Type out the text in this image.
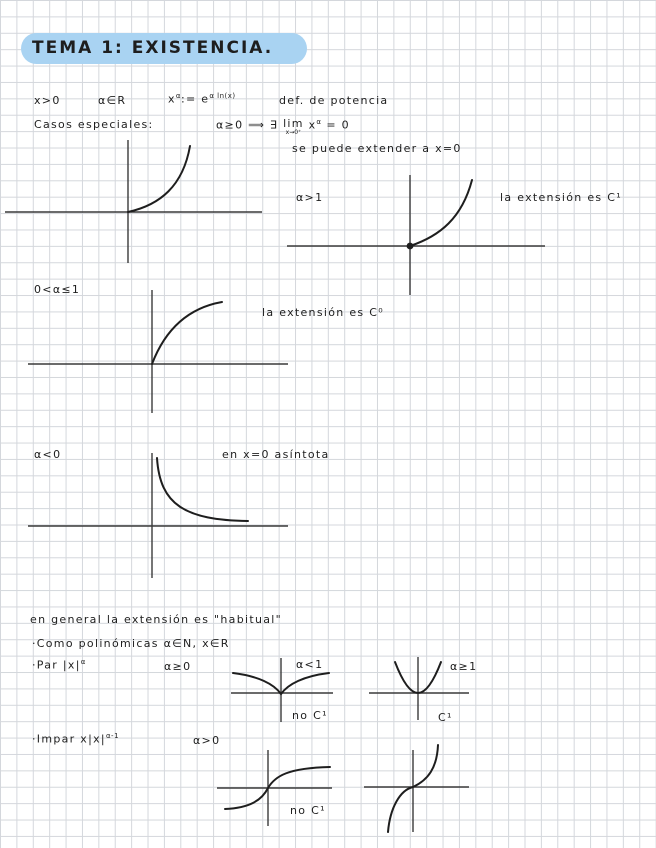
TEMA 1: EXISTENCIA.
x>0	α∈R	$x^\alpha:= e^{\alpha ln(x)}$	def. de potencia
Casos especiales:	α≥0 ⟹ ∃ lim
x→0⁺
$x^\alpha = 0$
se puede extender a x=0
α>1	la extensión es C¹
0<α≤1
la extensión es C⁰
α<0	en x=0 asíntota
en general la extensión es "habitual"
·Como polinómicas α∈N, x∈R
·Par $|x|^\alpha$	α≥0	α<1
no C¹
α≥1
C¹
·Impar $x|x|^{\alpha-1}$	α>0
no C¹
